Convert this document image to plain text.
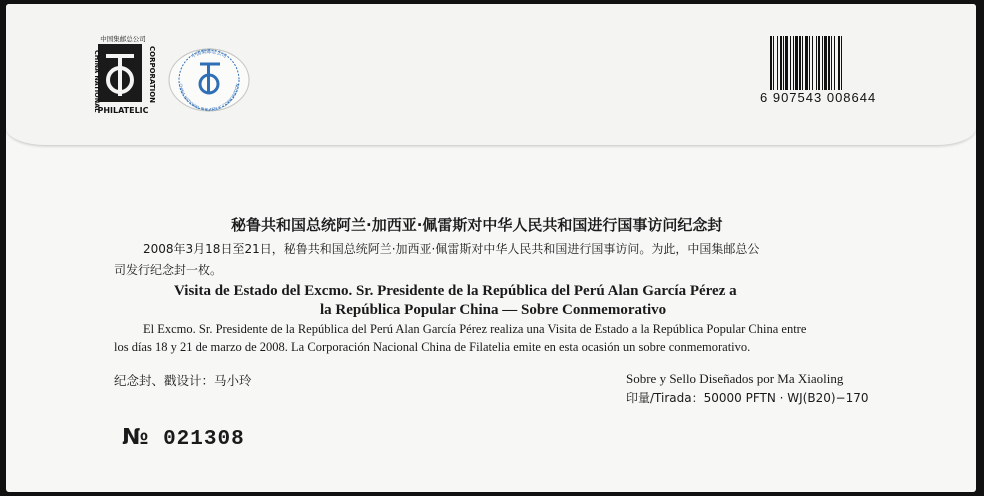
中国集邮总公司
CHINA NATIONAL	CORPORATION
PHILATELIC
中国集邮总公司
CHINA NATIONAL PHILATELIC CORPORATION
6 907543 008644
秘鲁共和国总统阿兰·加西亚·佩雷斯对中华人民共和国进行国事访问纪念封
2008年3月18日至21日，秘鲁共和国总统阿兰·加西亚·佩雷斯对中华人民共和国进行国事访问。为此，中国集邮总公
司发行纪念封一枚。
Visita de Estado del Excmo. Sr. Presidente de la República del Perú Alan García Pérez a
la República Popular China — Sobre Conmemorativo
El Excmo. Sr. Presidente de la República del Perú Alan García Pérez realiza una Visita de Estado a la República Popular China entre
los días 18 y 21 de marzo de 2008. La Corporación Nacional China de Filatelia emite en esta ocasión un sobre conmemorativo.
纪念封、戳设计：马小玲	Sobre y Sello Diseñados por Ma Xiaoling
印量/Tirada：50000 PFTN · WJ(B20)−170
№ 021308
